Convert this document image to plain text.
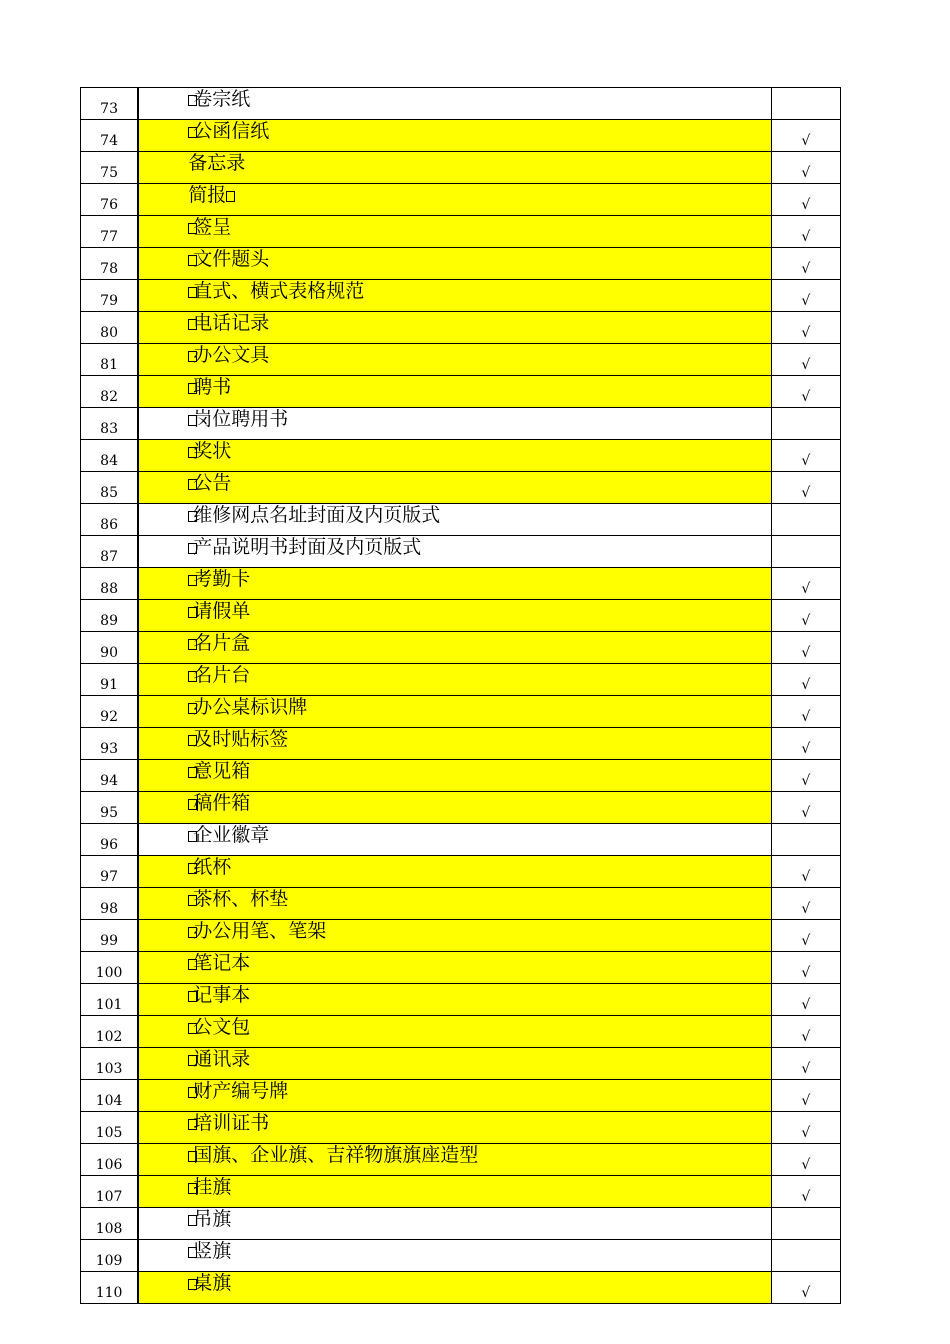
73	卷宗纸	
74	公函信纸	√
75	备忘录	√
76	简报	√
77	签呈	√
78	文件题头	√
79	直式、横式表格规范	√
80	电话记录	√
81	办公文具	√
82	聘书	√
83	岗位聘用书	
84	奖状	√
85	公告	√
86	维修网点名址封面及内页版式	
87	产品说明书封面及内页版式	
88	考勤卡	√
89	请假单	√
90	名片盒	√
91	名片台	√
92	办公桌标识牌	√
93	及时贴标签	√
94	意见箱	√
95	稿件箱	√
96	企业徽章	
97	纸杯	√
98	茶杯、杯垫	√
99	办公用笔、笔架	√
100	笔记本	√
101	记事本	√
102	公文包	√
103	通讯录	√
104	财产编号牌	√
105	培训证书	√
106	国旗、企业旗、吉祥物旗旗座造型	√
107	挂旗	√
108	吊旗	
109	竖旗	
110	桌旗	√
